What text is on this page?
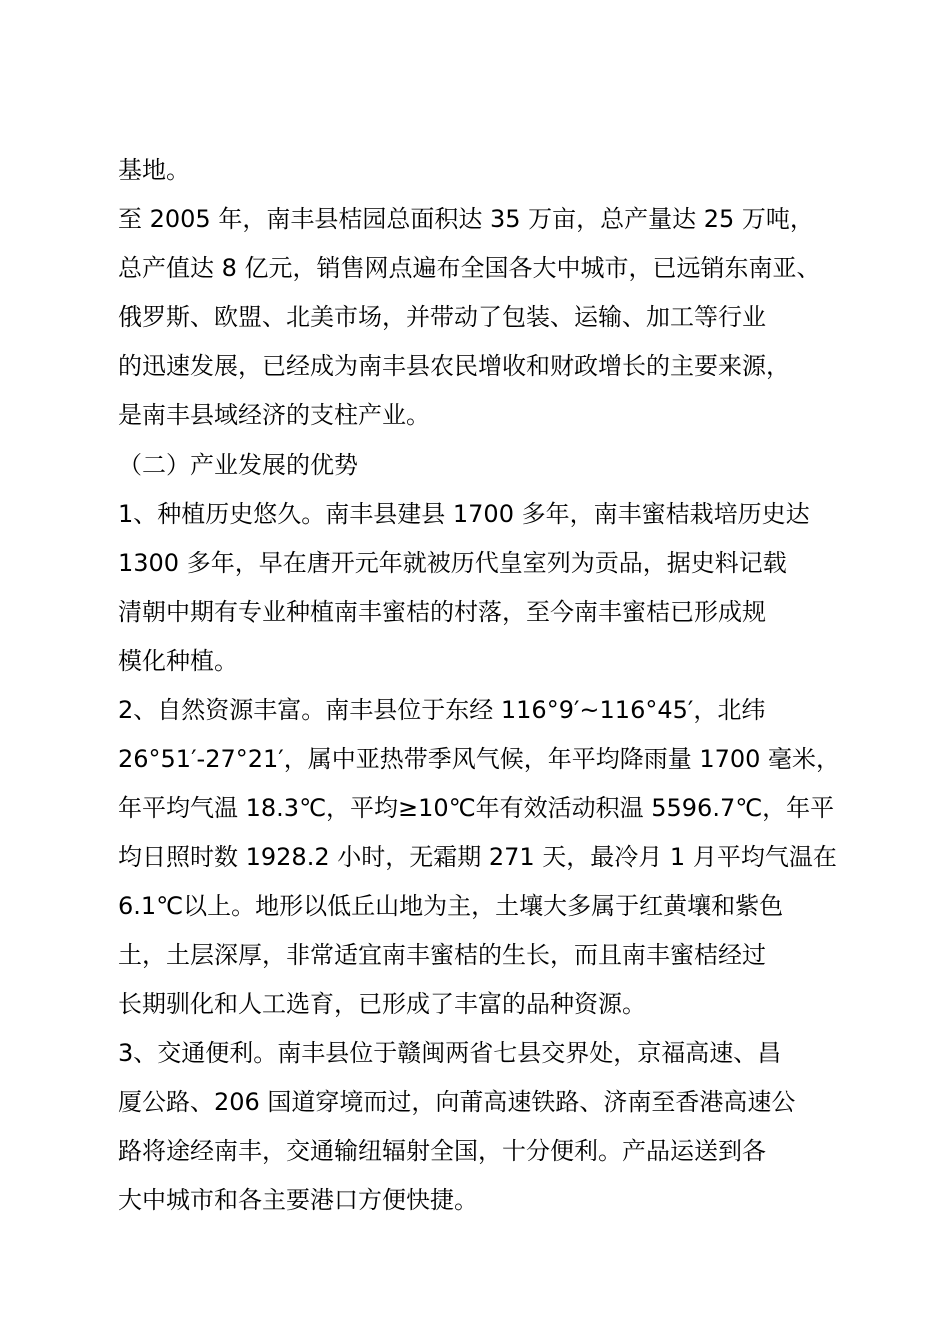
基地。
至 2005 年，南丰县桔园总面积达 35 万亩，总产量达 25 万吨，
总产值达 8 亿元，销售网点遍布全国各大中城市，已远销东南亚、
俄罗斯、欧盟、北美市场，并带动了包装、运输、加工等行业
的迅速发展，已经成为南丰县农民增收和财政增长的主要来源，
是南丰县域经济的支柱产业。
（二）产业发展的优势
1、种植历史悠久。南丰县建县 1700 多年，南丰蜜桔栽培历史达
1300 多年，早在唐开元年就被历代皇室列为贡品，据史料记载
清朝中期有专业种植南丰蜜桔的村落，至今南丰蜜桔已形成规
模化种植。
2、自然资源丰富。南丰县位于东经 116°9′~116°45′，北纬
26°51′-27°21′，属中亚热带季风气候，年平均降雨量 1700 毫米，
年平均气温 18.3℃，平均≥10℃年有效活动积温 5596.7℃，年平
均日照时数 1928.2 小时，无霜期 271 天，最冷月 1 月平均气温在
6.1℃以上。地形以低丘山地为主，土壤大多属于红黄壤和紫色
土，土层深厚，非常适宜南丰蜜桔的生长，而且南丰蜜桔经过
长期驯化和人工选育，已形成了丰富的品种资源。
3、交通便利。南丰县位于赣闽两省七县交界处，京福高速、昌
厦公路、206 国道穿境而过，向莆高速铁路、济南至香港高速公
路将途经南丰，交通输纽辐射全国，十分便利。产品运送到各
大中城市和各主要港口方便快捷。
